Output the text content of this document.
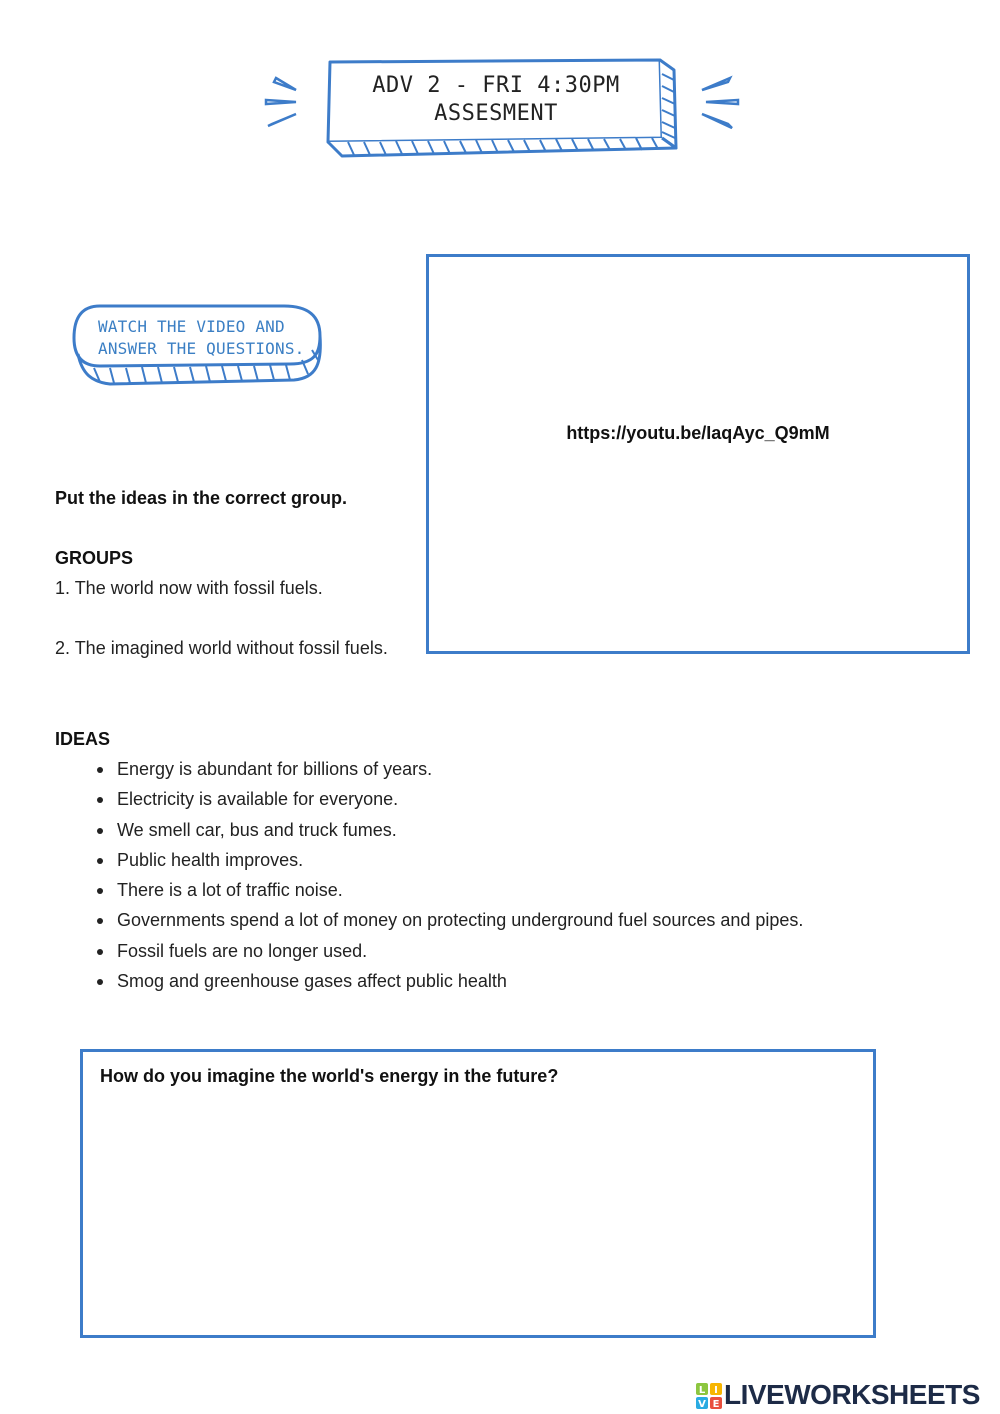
ADV 2 - FRI 4:30PM
ASSESMENT
WATCH THE VIDEO AND
ANSWER THE QUESTIONS.
https://youtu.be/IaqAyc_Q9mM
Put the ideas in the correct group.
GROUPS
1. The world now with fossil fuels.
2. The imagined world without fossil fuels.
IDEAS
Energy is abundant for billions of years.
Electricity is available for everyone.
We smell car, bus and truck fumes.
Public health improves.
There is a lot of traffic noise.
Governments spend a lot of money on protecting underground fuel sources and pipes.
Fossil fuels are no longer used.
Smog and greenhouse gases affect public health
How do you imagine the world's energy in the future?
L I
V E LIVEWORKSHEETS
